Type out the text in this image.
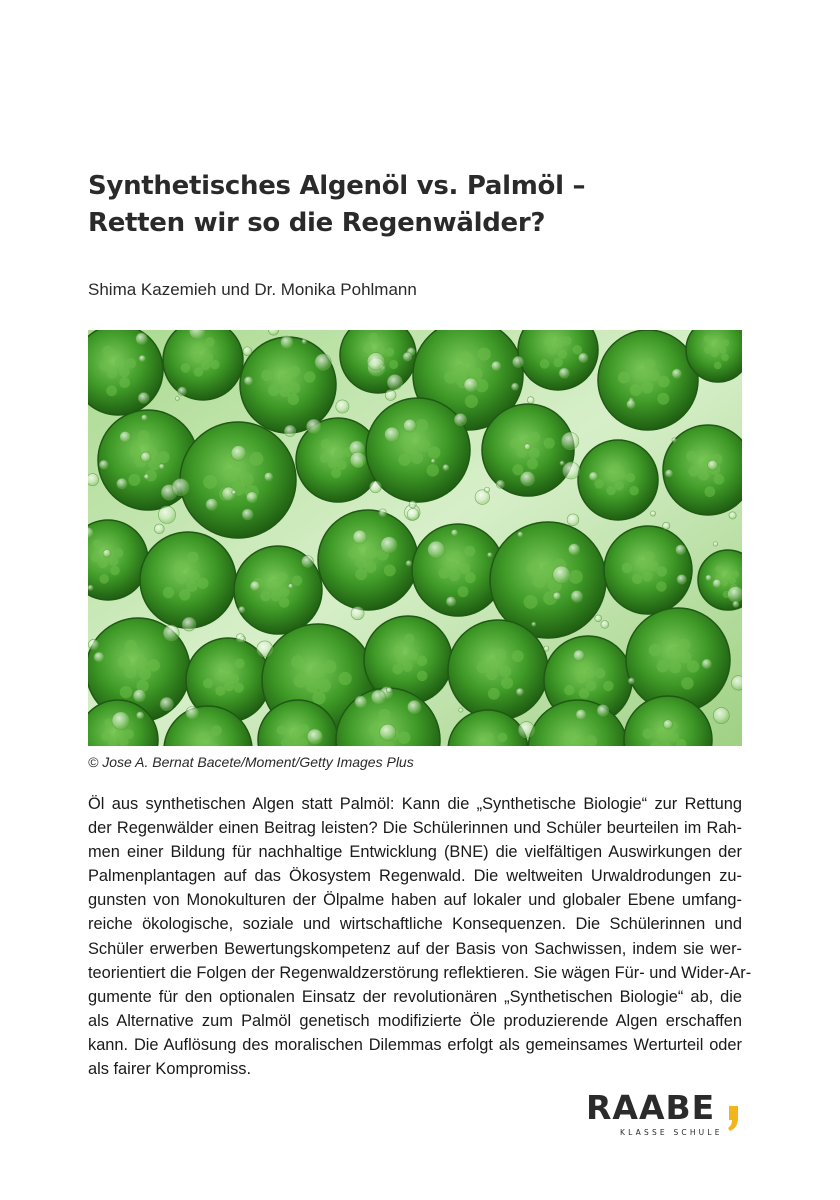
Synthetisches Algenöl vs. Palmöl –
Retten wir so die Regenwälder?
Shima Kazemieh und Dr. Monika Pohlmann
© Jose A. Bernat Bacete/Moment/Getty Images Plus
Öl aus synthetischen Algen statt Palmöl: Kann die „Synthetische Biologie“ zur Rettung
der Regenwälder einen Beitrag leisten? Die Schülerinnen und Schüler beurteilen im Rah-
men einer Bildung für nachhaltige Entwicklung (BNE) die vielfältigen Auswirkungen der
Palmenplantagen auf das Ökosystem Regenwald. Die weltweiten Urwaldrodungen zu-
gunsten von Monokulturen der Ölpalme haben auf lokaler und globaler Ebene umfang-
reiche ökologische, soziale und wirtschaftliche Konsequenzen. Die Schülerinnen und
Schüler erwerben Bewertungskompetenz auf der Basis von Sachwissen, indem sie wer-
teorientiert die Folgen der Regenwaldzerstörung reflektieren. Sie wägen Für- und Wider-Ar-
gumente für den optionalen Einsatz der revolutionären „Synthetischen Biologie“ ab, die
als Alternative zum Palmöl genetisch modifizierte Öle produzierende Algen erschaffen
kann. Die Auflösung des moralischen Dilemmas erfolgt als gemeinsames Werturteil oder
als fairer Kompromiss.
RAABE
KLASSE SCHULE
